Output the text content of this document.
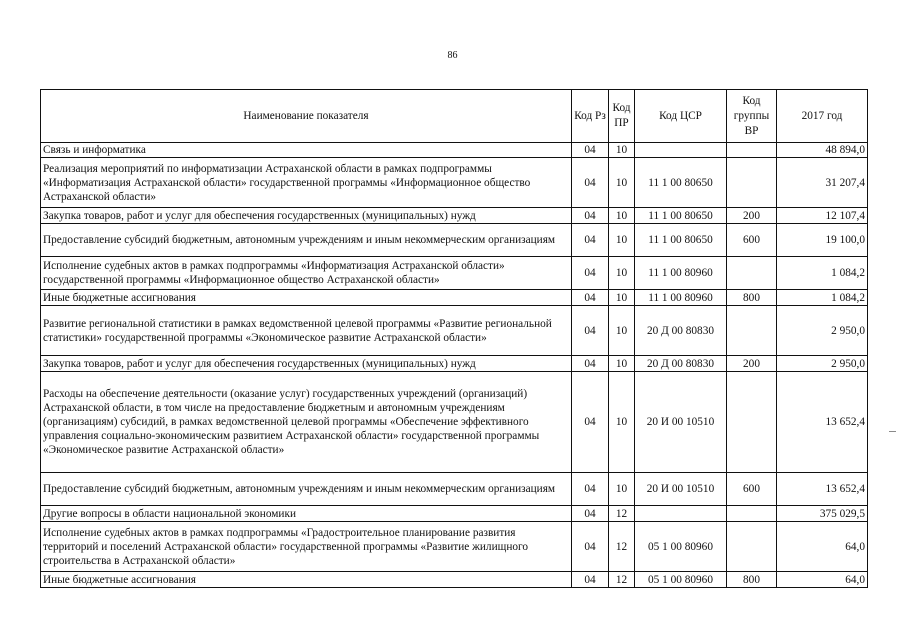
86
Наименование показателя	Код Рз	Код ПР	Код ЦСР	Код группы ВР	2017 год
Связь и информатика	04	10			48 894,0
Реализация мероприятий по информатизации Астраханской области в рамках подпрограммы «Информатизация Астраханской области» государственной программы «Информационное общество Астраханской области»	04	10	11 1 00 80650		31 207,4
Закупка товаров, работ и услуг для обеспечения государственных (муниципальных) нужд	04	10	11 1 00 80650	200	12 107,4
Предоставление субсидий бюджетным, автономным учреждениям и иным некоммерческим организациям	04	10	11 1 00 80650	600	19 100,0
Исполнение судебных актов в рамках подпрограммы «Информатизация Астраханской области» государственной программы «Информационное общество Астраханской области»	04	10	11 1 00 80960		1 084,2
Иные бюджетные ассигнования	04	10	11 1 00 80960	800	1 084,2
Развитие региональной статистики в рамках ведомственной целевой программы «Развитие региональной статистики» государственной программы «Экономическое развитие Астраханской области»	04	10	20 Д 00 80830		2 950,0
Закупка товаров, работ и услуг для обеспечения государственных (муниципальных) нужд	04	10	20 Д 00 80830	200	2 950,0
Расходы на обеспечение деятельности (оказание услуг) государственных учреждений (организаций) Астраханской области, в том числе на предоставление бюджетным и автономным учреждениям (организациям) субсидий, в рамках ведомственной целевой программы «Обеспечение эффективного управления социально-экономическим развитием Астраханской области» государственной программы «Экономическое развитие Астраханской области»	04	10	20 И 00 10510		13 652,4
Предоставление субсидий бюджетным, автономным учреждениям и иным некоммерческим организациям	04	10	20 И 00 10510	600	13 652,4
Другие вопросы в области национальной экономики	04	12			375 029,5
Исполнение судебных актов в рамках подпрограммы «Градостроительное планирование развития территорий и поселений Астраханской области» государственной программы «Развитие жилищного строительства в Астраханской области»	04	12	05 1 00 80960		64,0
Иные бюджетные ассигнования	04	12	05 1 00 80960	800	64,0
